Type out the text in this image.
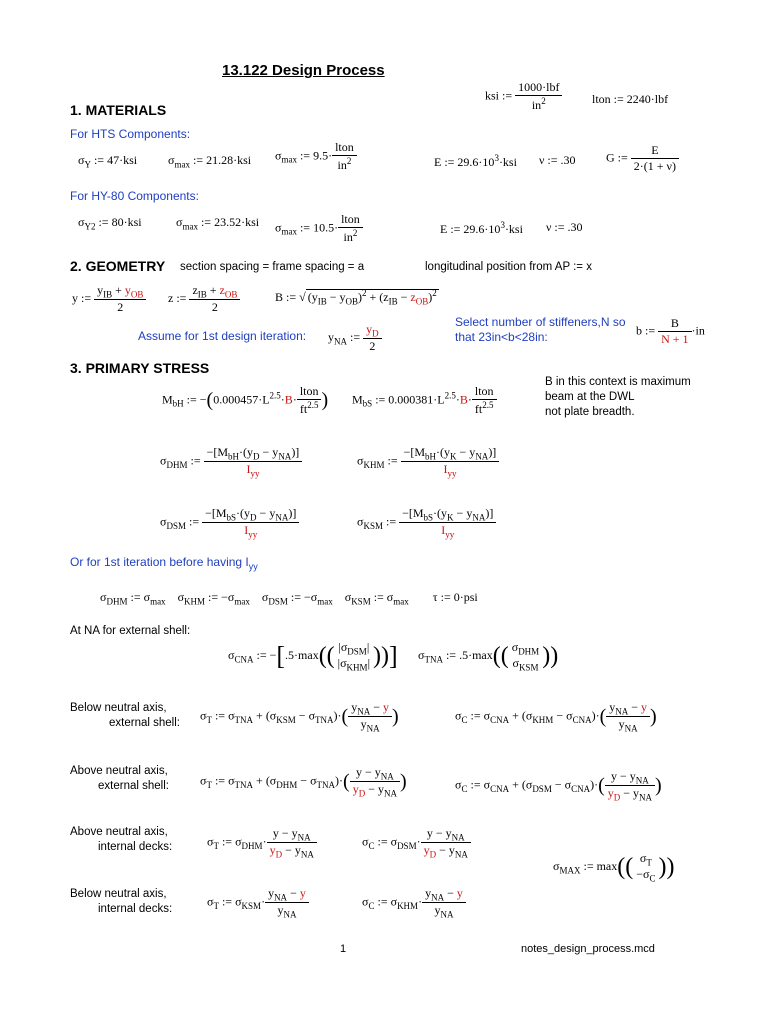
13.122 Design Process
ksi := $\frac{\text{1000·lbf}}{in^2}$ lton := 2240·lbf
1. MATERIALS
For HTS Components:
$\sigma_Y$ := 47·ksi	$\sigma_{max}$ := 21.28·ksi $\sigma_{max}$ := $9.5\cdot \frac{\text{lton}}{in^2}$	E := $29.6\cdot 10^3\cdot ksi$ ν := .30	G := $\frac{E}{2\cdot(1 + \nu)}$
For HY-80 Components:
$\sigma_{Y2}$ := 80·ksi	$\sigma_{max}$ := 23.52·ksi $\sigma_{max}$ := $10.5\cdot \frac{\text{lton}}{in^2}$	E := $29.6\cdot 10^3\cdot ksi$ ν := .30
2. GEOMETRY section spacing = frame spacing = a	longitudinal position from AP := x
y := $\frac{y_{IB} + y_{OB}}{2}$ z := $\frac{z_{IB} + z_{OB}}{2}$	B := √ $(y_{IB} - y_{OB})^2 + (z_{IB} - z_{OB})^2$
Assume for 1st design iteration: $y_{NA}$ := $\frac{y_D}{2}$	Select number of stiffeners,N so
that 23in<b<28in:	b := $\frac{B}{N + 1} \cdot in$
3. PRIMARY STRESS
$M_{bH}$ := $-(0.000457\cdot L^{2.5}\cdot B\cdot \frac{\text{lton}}{ft^{2.5}}$ ) $M_{bS}$ := $0.000381\cdot L^{2.5}\cdot B\cdot \frac{\text{lton}}{ft^{2.5}}$
B in this context is maximum
beam at the DWL
not plate breadth.
$\sigma_{DHM}$ := $\frac{-[M_{bH}\cdot(y_D - y_{NA})]}{I_{yy}}$	$\sigma_{KHM}$ := $\frac{-[M_{bH}\cdot(y_K - y_{NA})]}{I_{yy}}$
$\sigma_{DSM}$ := $\frac{-[M_{bS}\cdot(y_D - y_{NA})]}{I_{yy}}$	$\sigma_{KSM}$ := $\frac{-[M_{bS}\cdot(y_K - y_{NA})]}{I_{yy}}$
Or for 1st iteration before having $I_{yy}$
$\sigma_{DHM}$ := $\sigma_{max}$    $\sigma_{KHM}$ := $-\sigma_{max}$    $\sigma_{DSM}$ := $-\sigma_{max}$    $\sigma_{KSM}$ := $\sigma_{max}$        τ := 0·psi
At NA for external shell:
$\sigma_{CNA}$ := −[.5·max(( $|\sigma_{DSM}|$
$|\sigma_{KHM}|$ ))] $\sigma_{TNA}$ := .5·max(( $\sigma_{DHM}$
$\sigma_{KSM}$ ))
Below neutral axis,
external shell:
$\sigma_T$ := $\sigma_{TNA} + (\sigma_{KSM} - \sigma_{TNA})\cdot( \frac{y_{NA} - y}{y_{NA}}$ )	$\sigma_C$ := $\sigma_{CNA} + (\sigma_{KHM} - \sigma_{CNA})\cdot( \frac{y_{NA} - y}{y_{NA}}$ )
Above neutral axis,
external shell:	$\sigma_T$ := $\sigma_{TNA} + (\sigma_{DHM} - \sigma_{TNA})\cdot( \frac{y - y_{NA}}{y_D - y_{NA}}$ )	$\sigma_C$ := $\sigma_{CNA} + (\sigma_{DSM} - \sigma_{CNA})\cdot( \frac{y - y_{NA}}{y_D - y_{NA}}$ )
Above neutral axis,
internal decks:	$\sigma_T$ := $\sigma_{DHM}\cdot \frac{y - y_{NA}}{y_D - y_{NA}}$	$\sigma_C$ := $\sigma_{DSM}\cdot \frac{y - y_{NA}}{y_D - y_{NA}}$
$\sigma_{MAX}$ := max(( $\sigma_T$
$-\sigma_C$ ))
Below neutral axis,
internal decks:
$\sigma_T$ := $\sigma_{KSM}\cdot \frac{y_{NA} - y}{y_{NA}}$	$\sigma_C$ := $\sigma_{KHM}\cdot \frac{y_{NA} - y}{y_{NA}}$
1	notes_design_process.mcd
